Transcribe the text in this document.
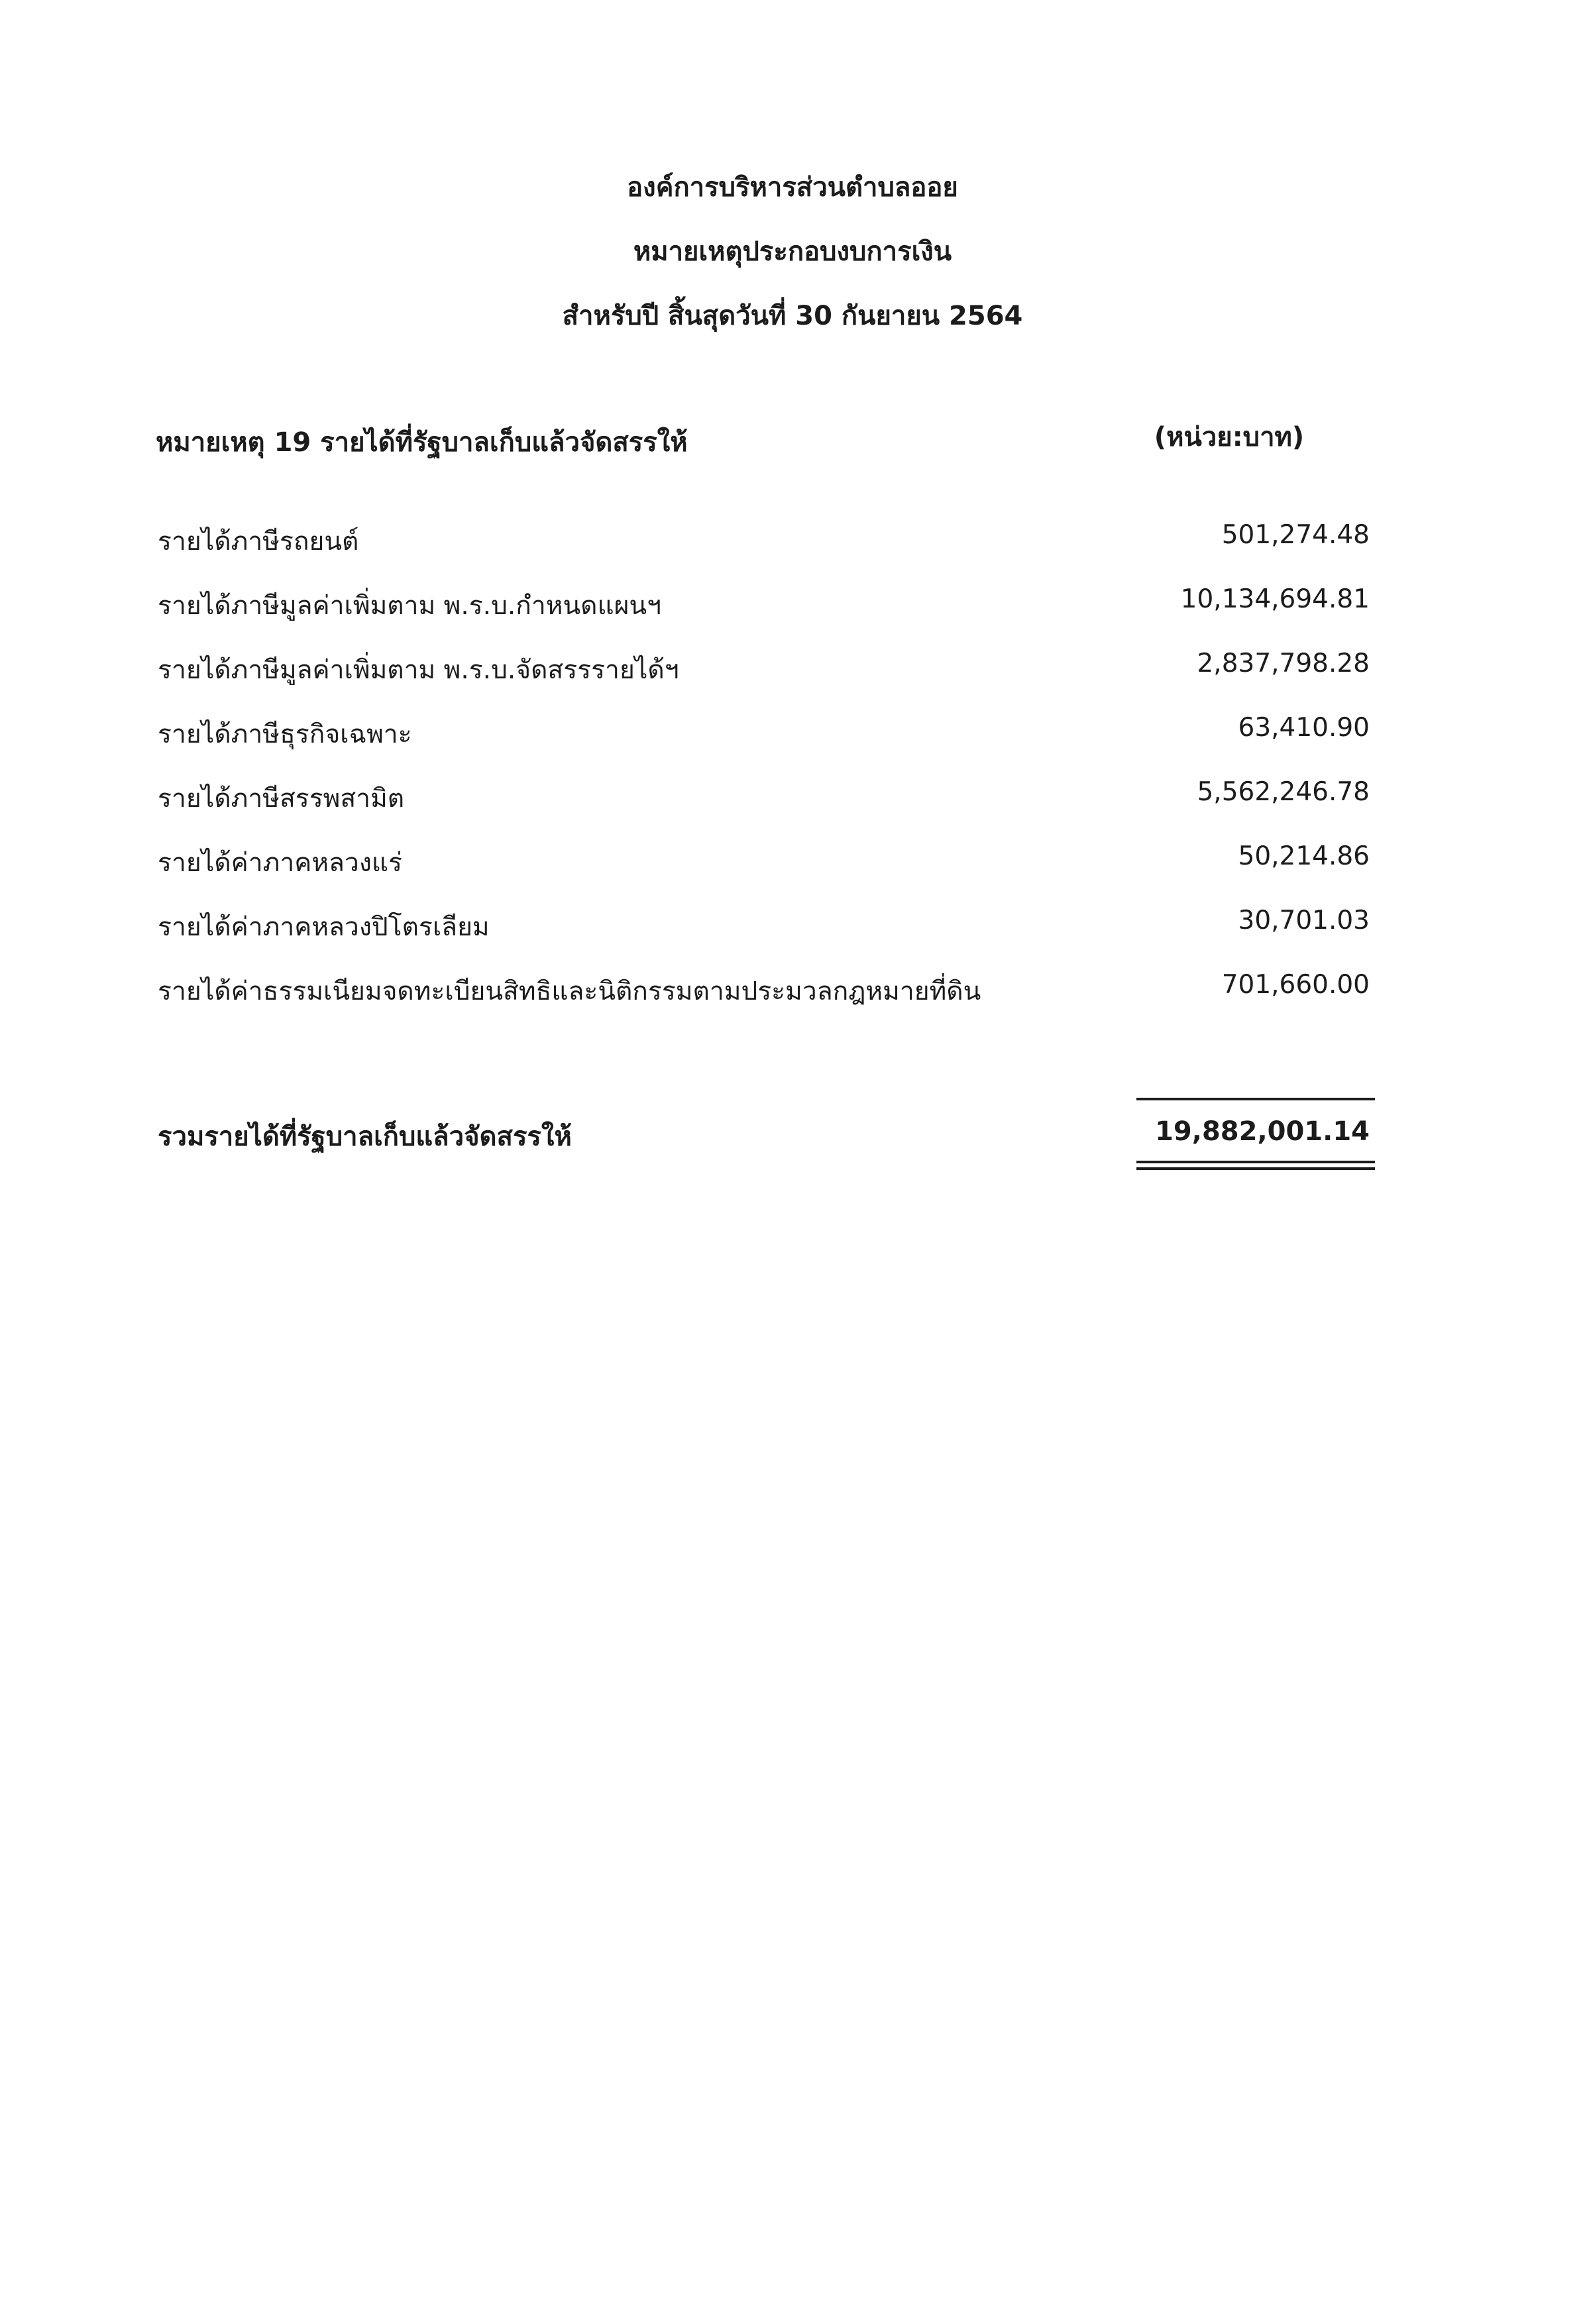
องค์การบริหารส่วนตำบลออย
หมายเหตุประกอบงบการเงิน
สำหรับปี สิ้นสุดวันที่ 30 กันยายน 2564
หมายเหตุ 19 รายได้ที่รัฐบาลเก็บแล้วจัดสรรให้	(หน่วย:บาท)
รายได้ภาษีรถยนต์	501,274.48
รายได้ภาษีมูลค่าเพิ่มตาม พ.ร.บ.กำหนดแผนฯ	10,134,694.81
รายได้ภาษีมูลค่าเพิ่มตาม พ.ร.บ.จัดสรรรายได้ฯ	2,837,798.28
รายได้ภาษีธุรกิจเฉพาะ	63,410.90
รายได้ภาษีสรรพสามิต	5,562,246.78
รายได้ค่าภาคหลวงแร่	50,214.86
รายได้ค่าภาคหลวงปิโตรเลียม	30,701.03
รายได้ค่าธรรมเนียมจดทะเบียนสิทธิและนิติกรรมตามประมวลกฎหมายที่ดิน	701,660.00
รวมรายได้ที่รัฐบาลเก็บแล้วจัดสรรให้	19,882,001.14
